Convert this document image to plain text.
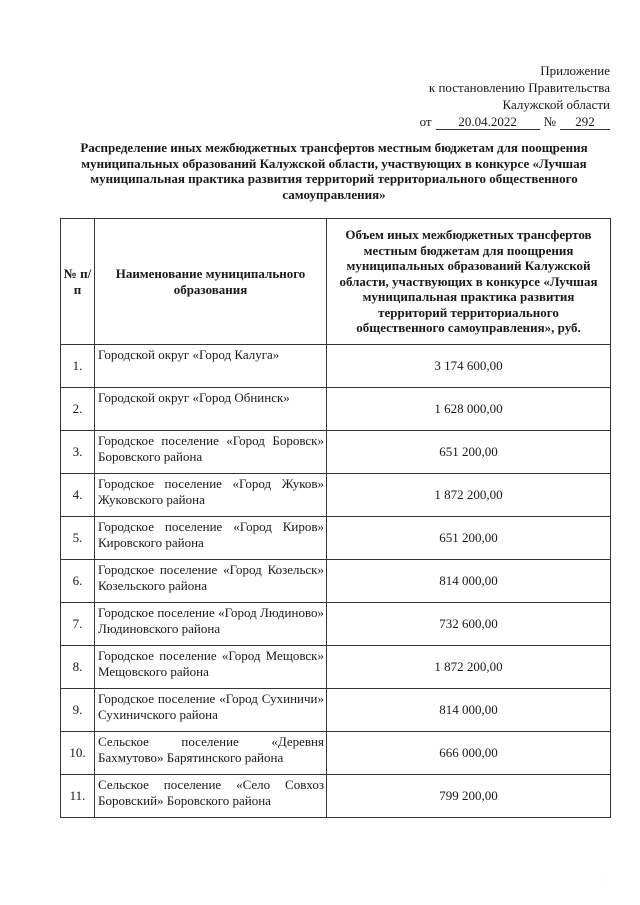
Приложение
к постановлению Правительства
Калужской области
от	20.04.2022	№	292
Распределение иных межбюджетных трансфертов местным бюджетам для поощрения муниципальных образований Калужской области, участвующих в конкурсе «Лучшая муниципальная практика развития территорий территориального общественного самоуправления»
№ п/п	Наименование муниципального образования	Объем иных межбюджетных трансфертов местным бюджетам для поощрения муниципальных образований Калужской области, участвующих в конкурсе «Лучшая муниципальная практика развития территорий территориального общественного самоуправления», руб.
1.	Городской округ «Город Калуга»	3 174 600,00
2.	Городской округ «Город Обнинск»	1 628 000,00
3.	Городское поселение «Город Боровск» Боровского района	651 200,00
4.	Городское поселение «Город Жуков» Жуковского района	1 872 200,00
5.	Городское поселение «Город Киров» Кировского района	651 200,00
6.	Городское поселение «Город Козельск» Козельского района	814 000,00
7.	Городское поселение «Город Людиново» Людиновского района	732 600,00
8.	Городское поселение «Город Мещовск» Мещовского района	1 872 200,00
9.	Городское поселение «Город Сухиничи» Сухиничского района	814 000,00
10.	Сельское поселение «Деревня Бахмутово» Барятинского района	666 000,00
11.	Сельское поселение «Село Совхоз Боровский» Боровского района	799 200,00
·
